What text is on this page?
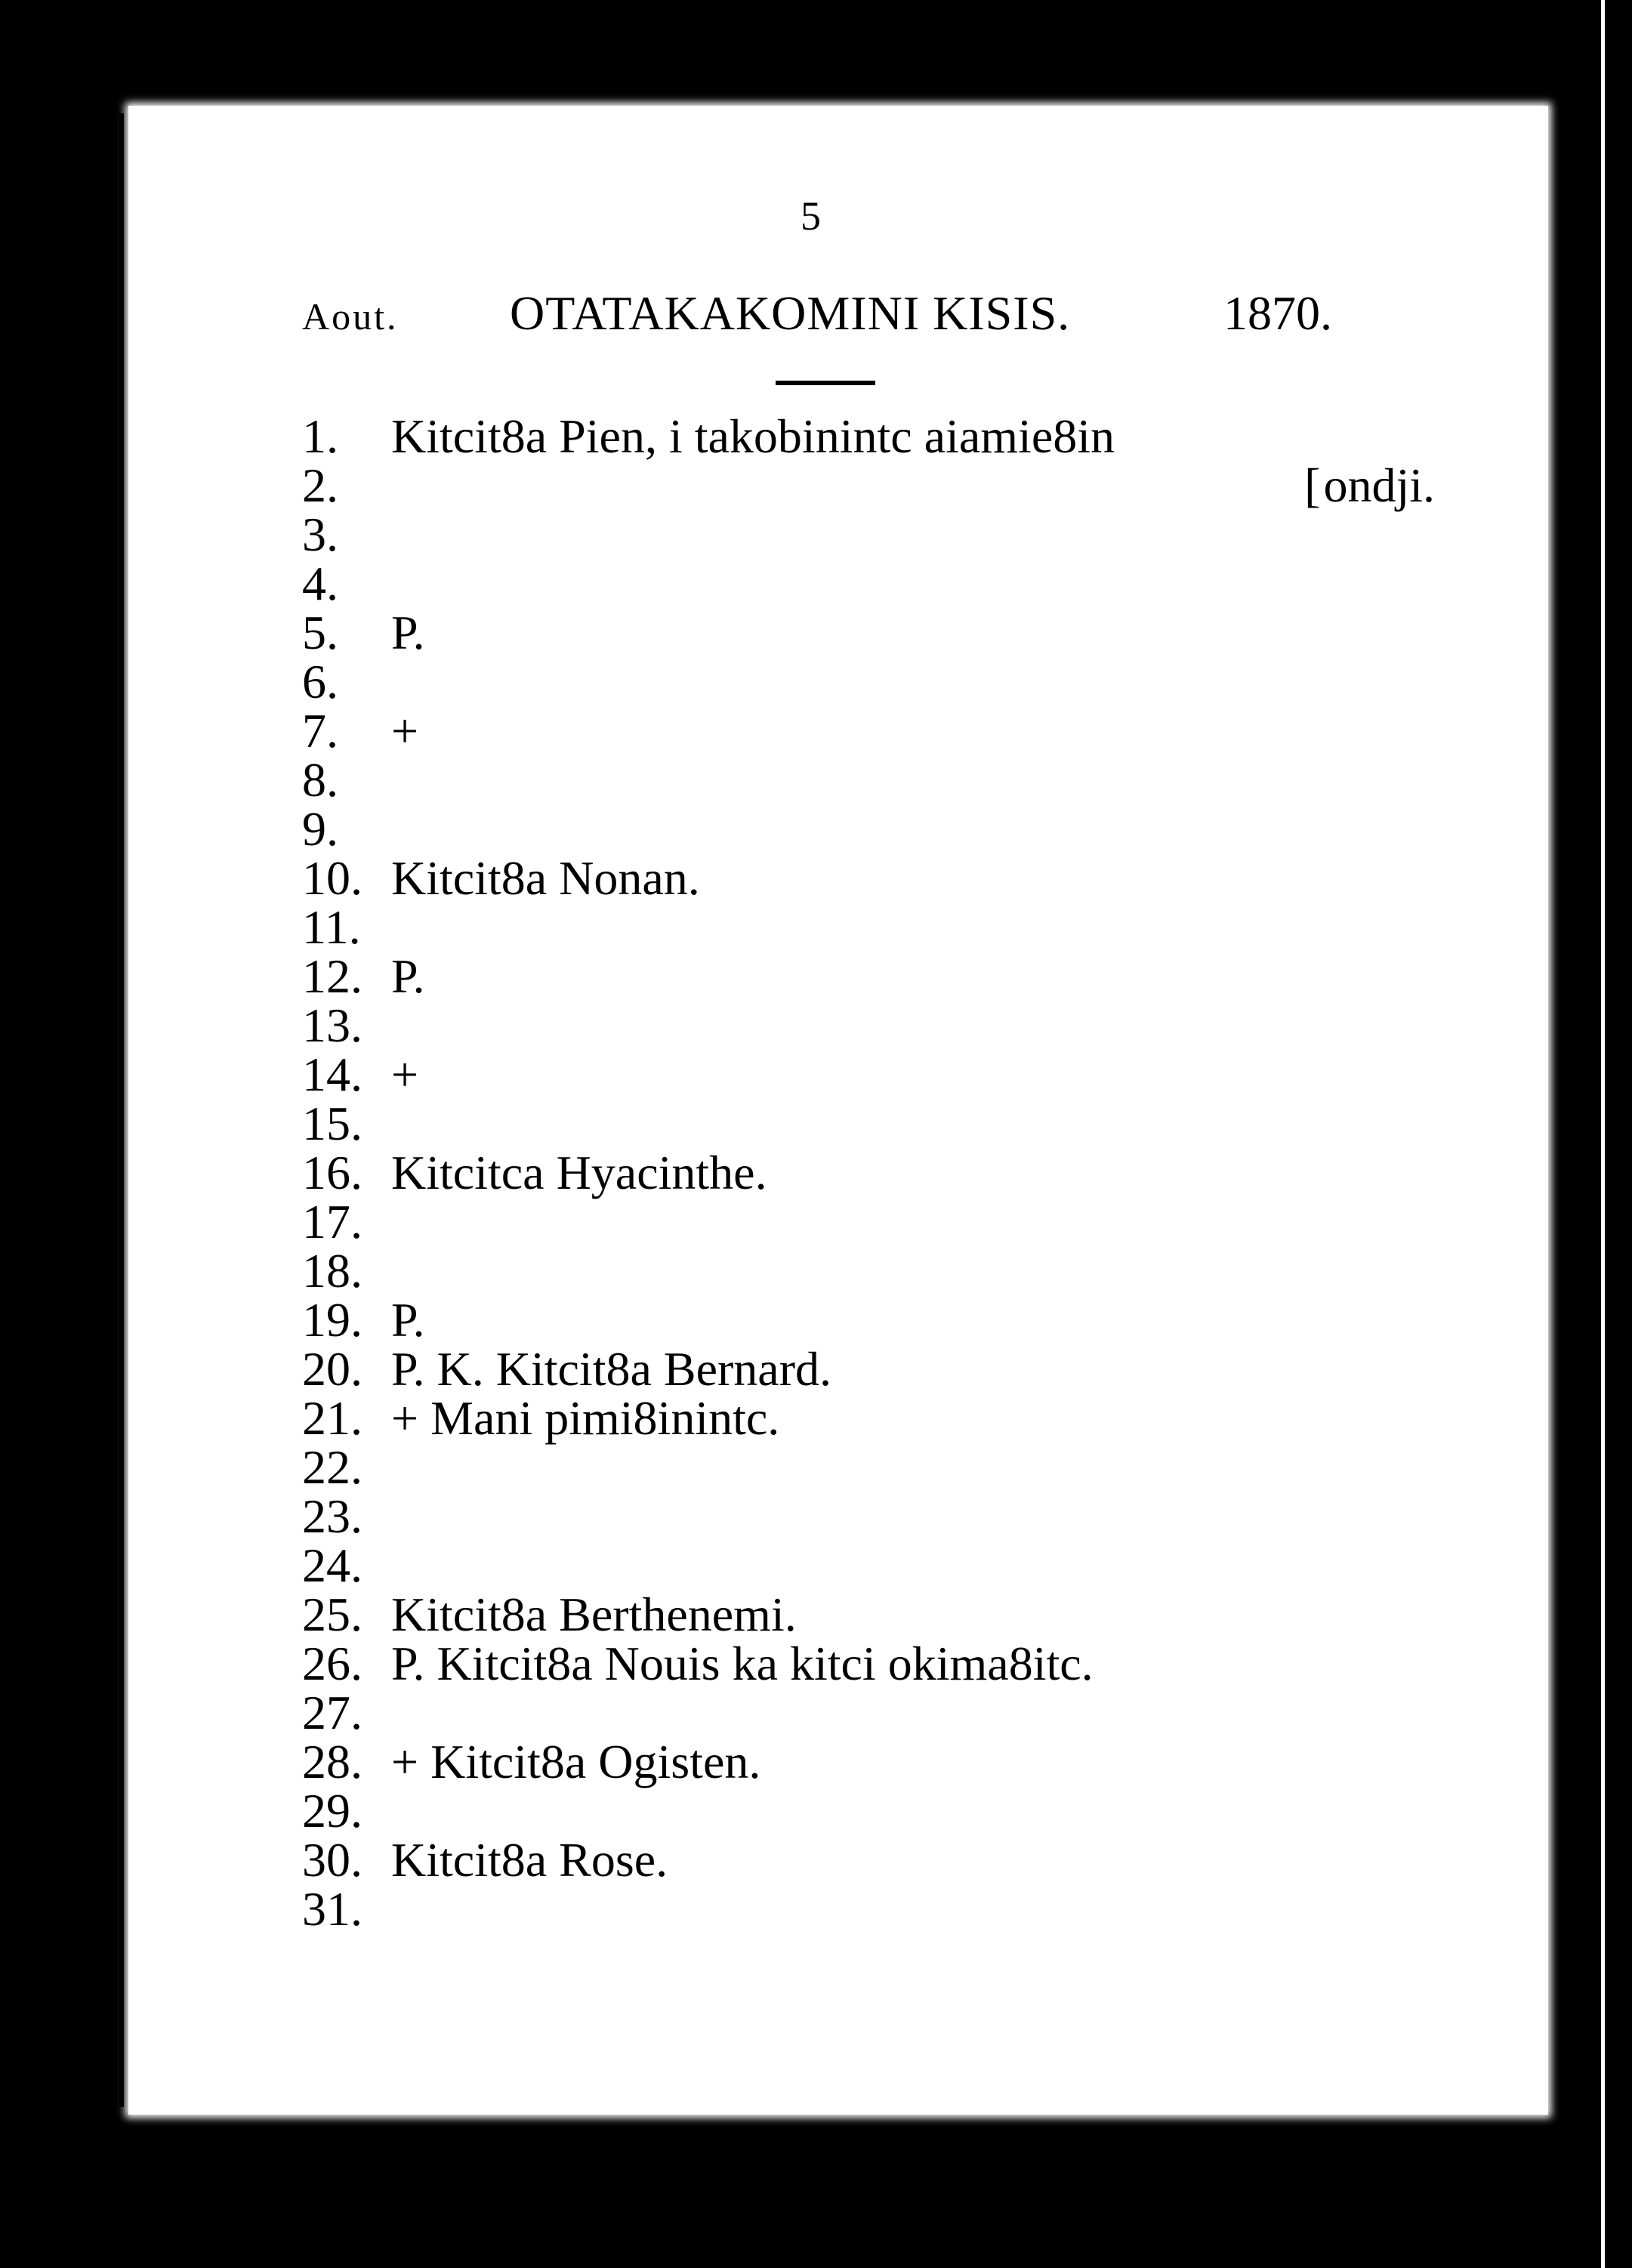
5
Aout. OTATAKAKOMINI KISIS.	1870.
1. Kitcit8a Pien, i takobinintc aiamie8in
2.	[ondji.
3.
4.
5. P.
6.
7. +
8.
9.
10. Kitcit8a Nonan.
11.
12. P.
13.
14. +
15.
16. Kitcitca Hyacinthe.
17.
18.
19. P.
20. P. K. Kitcit8a Bernard.
21. + Mani pimi8inintc.
22.
23.
24.
25. Kitcit8a Berthenemi.
26. P. Kitcit8a Nouis ka kitci okima8itc.
27.
28. + Kitcit8a Ogisten.
29.
30. Kitcit8a Rose.
31.
